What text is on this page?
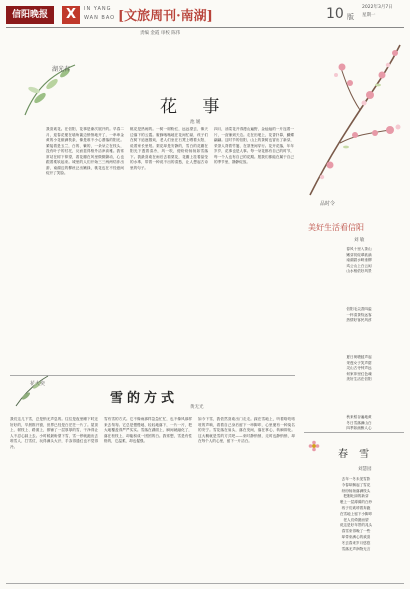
信阳晚报	X	IN YANG
WAN BAO [文旅周刊·南湖]	10 版
2022年3月7日
星期一
责编 金霞 审校 陈伟
湖光春
花 事
池 媛
我喜欢花。在信阳，花事是渐次展开的。早春二月，迎春花便在墙角篱边悄悄地开了，一串串金黄的小花缀满枝条，像是谁不小心洒落的阳光。紧接着是玉兰，白的、紫的，一朵朵立在枝头，没有叶子的衬托，反而显得格外洁净高雅。我常常站在树下仰望，看花瓣在风里微微颤动，心也跟着柔软起来。城里的人们开始三三两两结伴出游，南湖边的柳丝泛出嫩绿，桃花也在不经意间绽开了笑脸。
桃花是热闹的。一树一树粉红，远远望去，像天边落下的云霞。蜜蜂嗡嗡地在花间忙碌，孩子们在树下追逐嬉戏，老人们坐在石凳上晒着太阳，说着家长里短。梨花却是安静的，雪白的花瓣在阳光下透着清冷，风一吹，便纷纷扬扬如雪落下。我最喜欢在雨后去看梨花，花瓣上挂着晶莹的水珠，带着一种说不出的清愁，让人想起古诗里的句子。
四月，油菜花开得漫山遍野，金灿灿的一片连着一片，一直铺到天边。走在田埂上，花香扑鼻，蝴蝶翩翩。这时节的信阳，山上的茶树也冒出了新芽，采茶人背着竹篓，在茶垄间穿行。花开花落，年年岁岁，花事也是人事。每一朵花都有自己的时节，每一个人也有自己的花期。愿我们都能在属于自己的季节里，静静绽放。
品时令
美好生活看信阳
刘 敏
春风十里入茶山
嫩芽初绽翠欲滴
南湖碧水映垂柳
鸡公山上白云闲
山水相依好风景
信阳毛尖香四溢
一杯清茶待远客
热情好客民风淳
夏日荷塘蛙声起
采莲女子笑声甜
灵山古寺钟声远
何家冲里红色魂
美好生活在信阳
秋来稻谷遍地黄
冬日雪落满山白
四季如画醉人心
春 雪
刘慧园
去年一冬未见雪影
今春却飘起了雪花
纷纷扬扬落满枝头
把刚吐绿的新芽
裹上一层薄薄的白纱
孩子们欢呼着奔跑
在雪地上留下小脚印
老人们倚窗而望
说这是好年景的兆头
春雪来得晚了一些
却带来满心的欢喜
冬去春来岁月悠悠
雪落无声润物无言
花火奕
雪的方式
黄无光
我们这儿下雪，总是悄无声息的。往往是夜里睡下时还好好的，早晨推开窗，世界已经是白茫茫一片了。屋顶上、树枝上、路面上，都铺了一层厚厚的雪，干净得让人不忍心踩上去。小时候最盼望下雪，雪一停就跑出去堆雪人、打雪仗，玩得满头大汗，手冻得通红也不觉得冷。
雪有雪的方式。它不像雨那样急急忙忙，也不像风那样来去匆匆。它总是慢慢地、轻轻地落下，一片一片，把大地覆盖得严严实实。雪落在湖面上，瞬间就融化了，落在松枝上，却能积成一团团的白。我常想，雪是有性格的，它温柔，却也倔强。
如今下雪，我依然喜欢出门走走。踩在雪地上，听着咯吱咯吱的声响，看着自己身后留下一串脚印，心里便有一种莫名的安宁。雪花落在肩头，落在发间，落在掌心，转瞬即化。这大概就是雪的方式吧——来时静悄悄，走时也静悄悄，却在每个人的心里，留下一片洁白。
